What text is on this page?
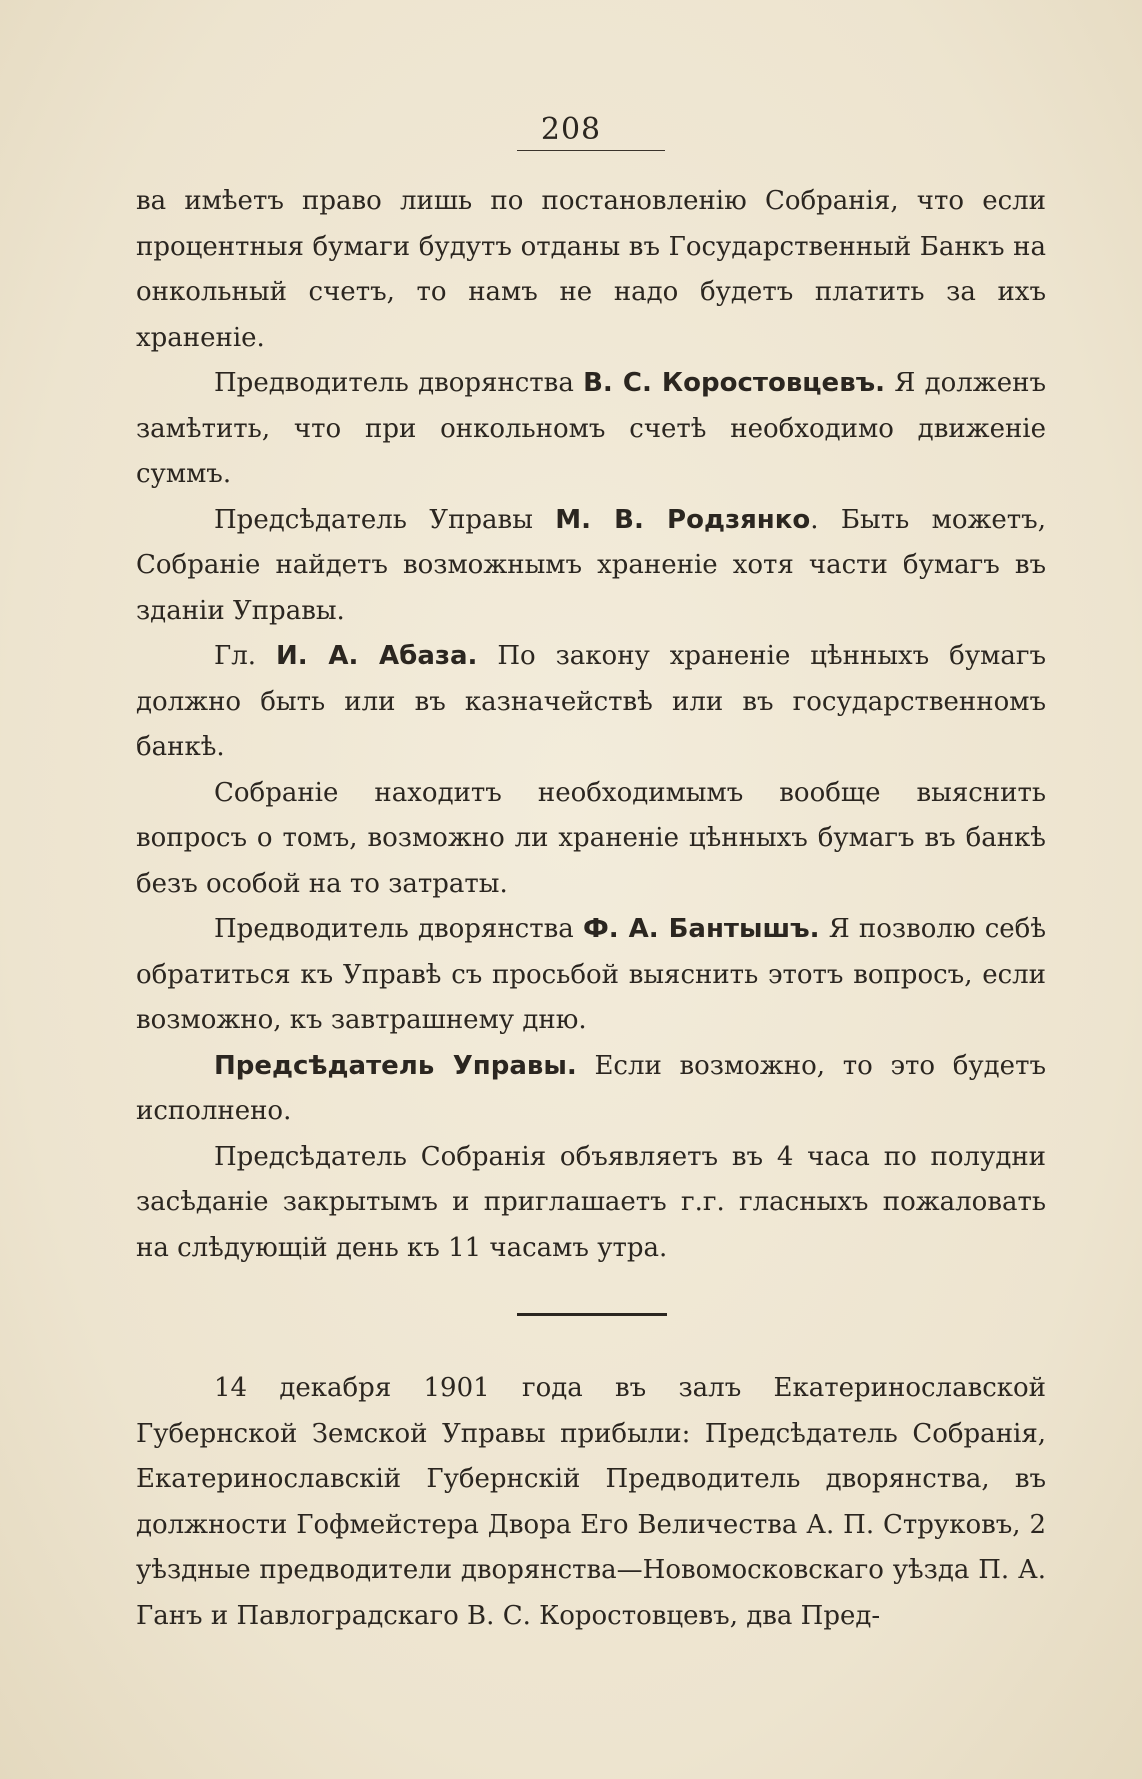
208

ва имѣетъ право лишь по постановленію Собранія, что если процентныя бумаги будутъ отданы въ Государственный Банкъ на онкольный счетъ, то намъ не надо будетъ платить за ихъ храненіе.

Предводитель дворянства В. С. Коростовцевъ. Я долженъ замѣтить, что при онкольномъ счетѣ необходимо движеніе суммъ.

Предсѣдатель Управы М. В. Родзянко. Быть можетъ, Собраніе найдетъ возможнымъ храненіе хотя части бумагъ въ зданіи Управы.

Гл. И. А. Абаза. По закону храненіе цѣнныхъ бумагъ должно быть или въ казначействѣ или въ государственномъ банкѣ.

Собраніе находитъ необходимымъ вообще выяснить вопросъ о томъ, возможно ли храненіе цѣнныхъ бумагъ въ банкѣ безъ особой на то затраты.

Предводитель дворянства Ф. А. Бантышъ. Я позволю себѣ обратиться къ Управѣ съ просьбой выяснить этотъ вопросъ, если возможно, къ завтрашнему дню.

Предсѣдатель Управы. Если возможно, то это будетъ исполнено.

Предсѣдатель Собранія объявляетъ въ 4 часа по полудни засѣданіе закрытымъ и приглашаетъ г.г. гласныхъ пожаловать на слѣдующій день къ 11 часамъ утра.

14 декабря 1901 года въ залъ Екатеринославской Губернской Земской Управы прибыли: Предсѣдатель Собранія, Екатеринославскій Губернскій Предводитель дворянства, въ должности Гофмейстера Двора Его Величества А. П. Струковъ, 2 уѣздные предводители дворянства—Новомосковскаго уѣзда П. А. Ганъ и Павлоградскаго В. С. Коростовцевъ, два Пред-
